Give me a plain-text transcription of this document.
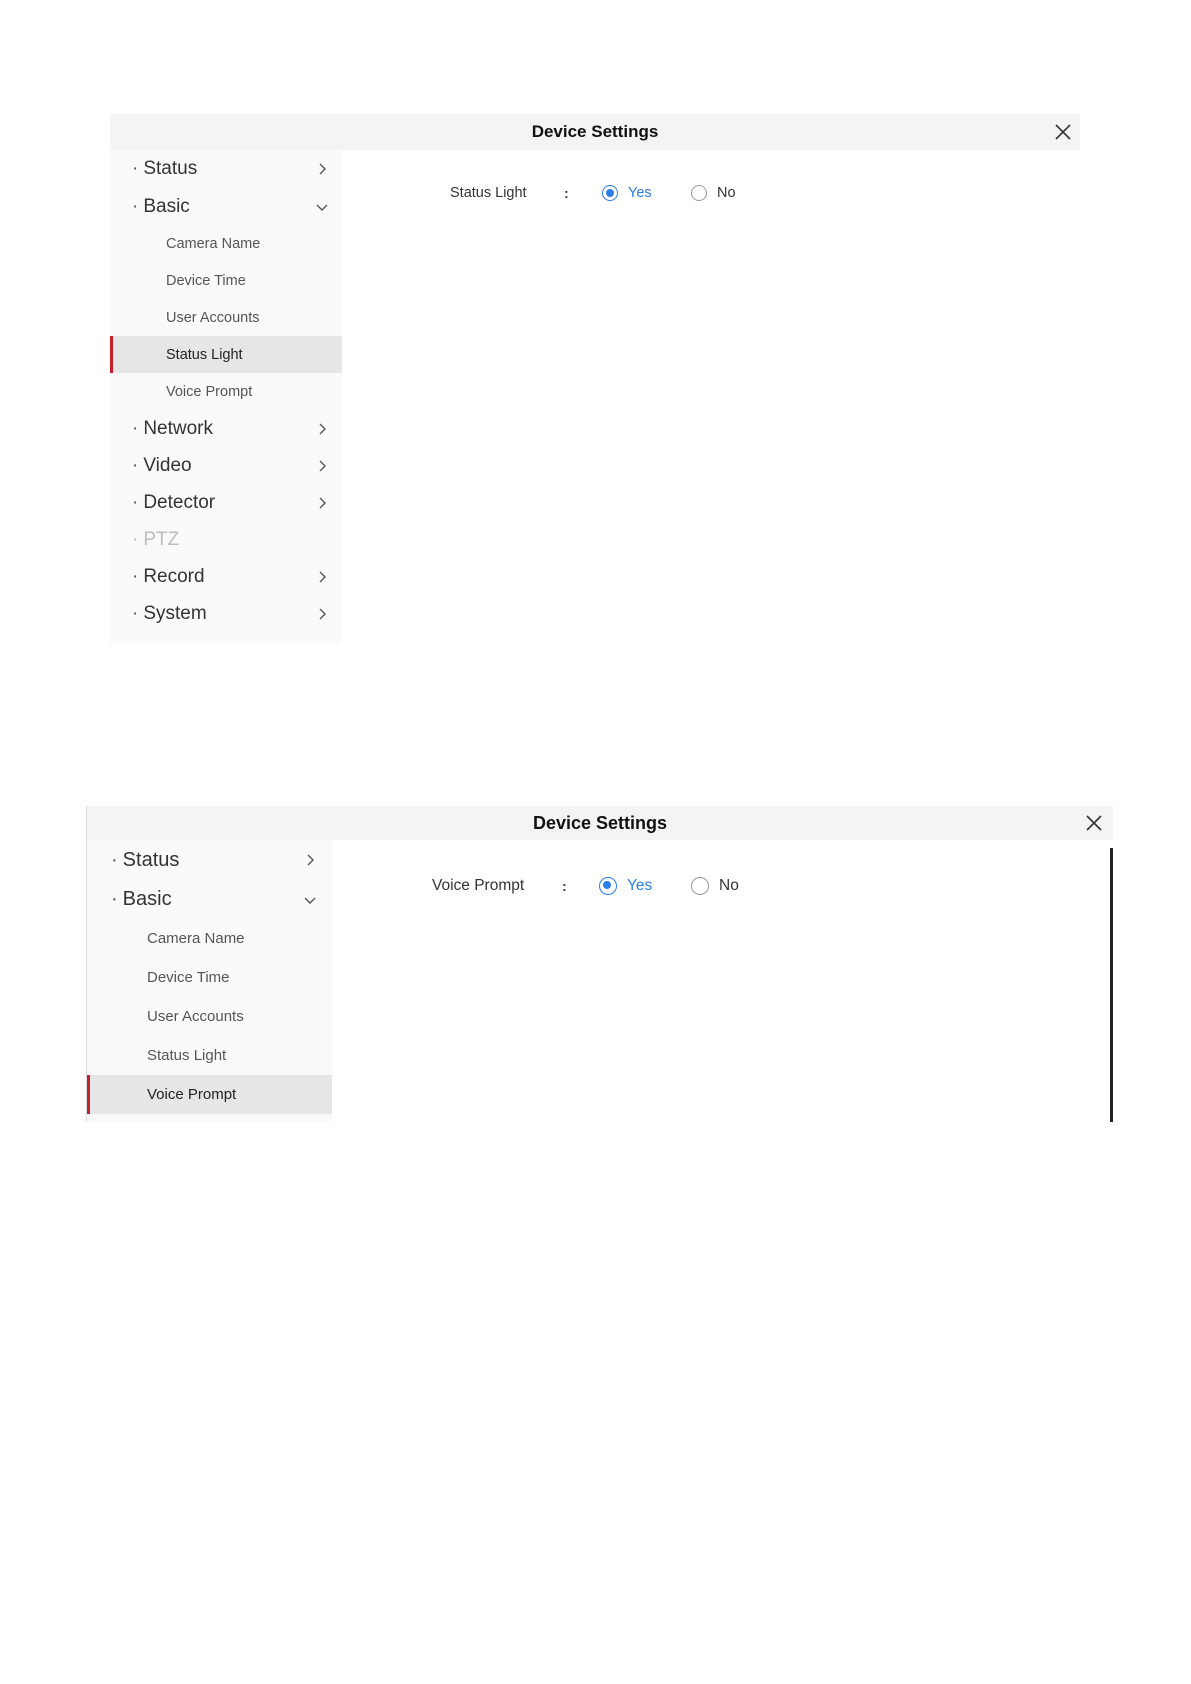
Device Settings
· Status
· Basic
Camera Name
Device Time
User Accounts
Status Light
Voice Prompt
· Network
· Video
· Detector
· PTZ
· Record
· System
Status Light	:	Yes	No
Device Settings
· Status
· Basic
Camera Name
Device Time
User Accounts
Status Light
Voice Prompt
Voice Prompt	:	Yes	No
